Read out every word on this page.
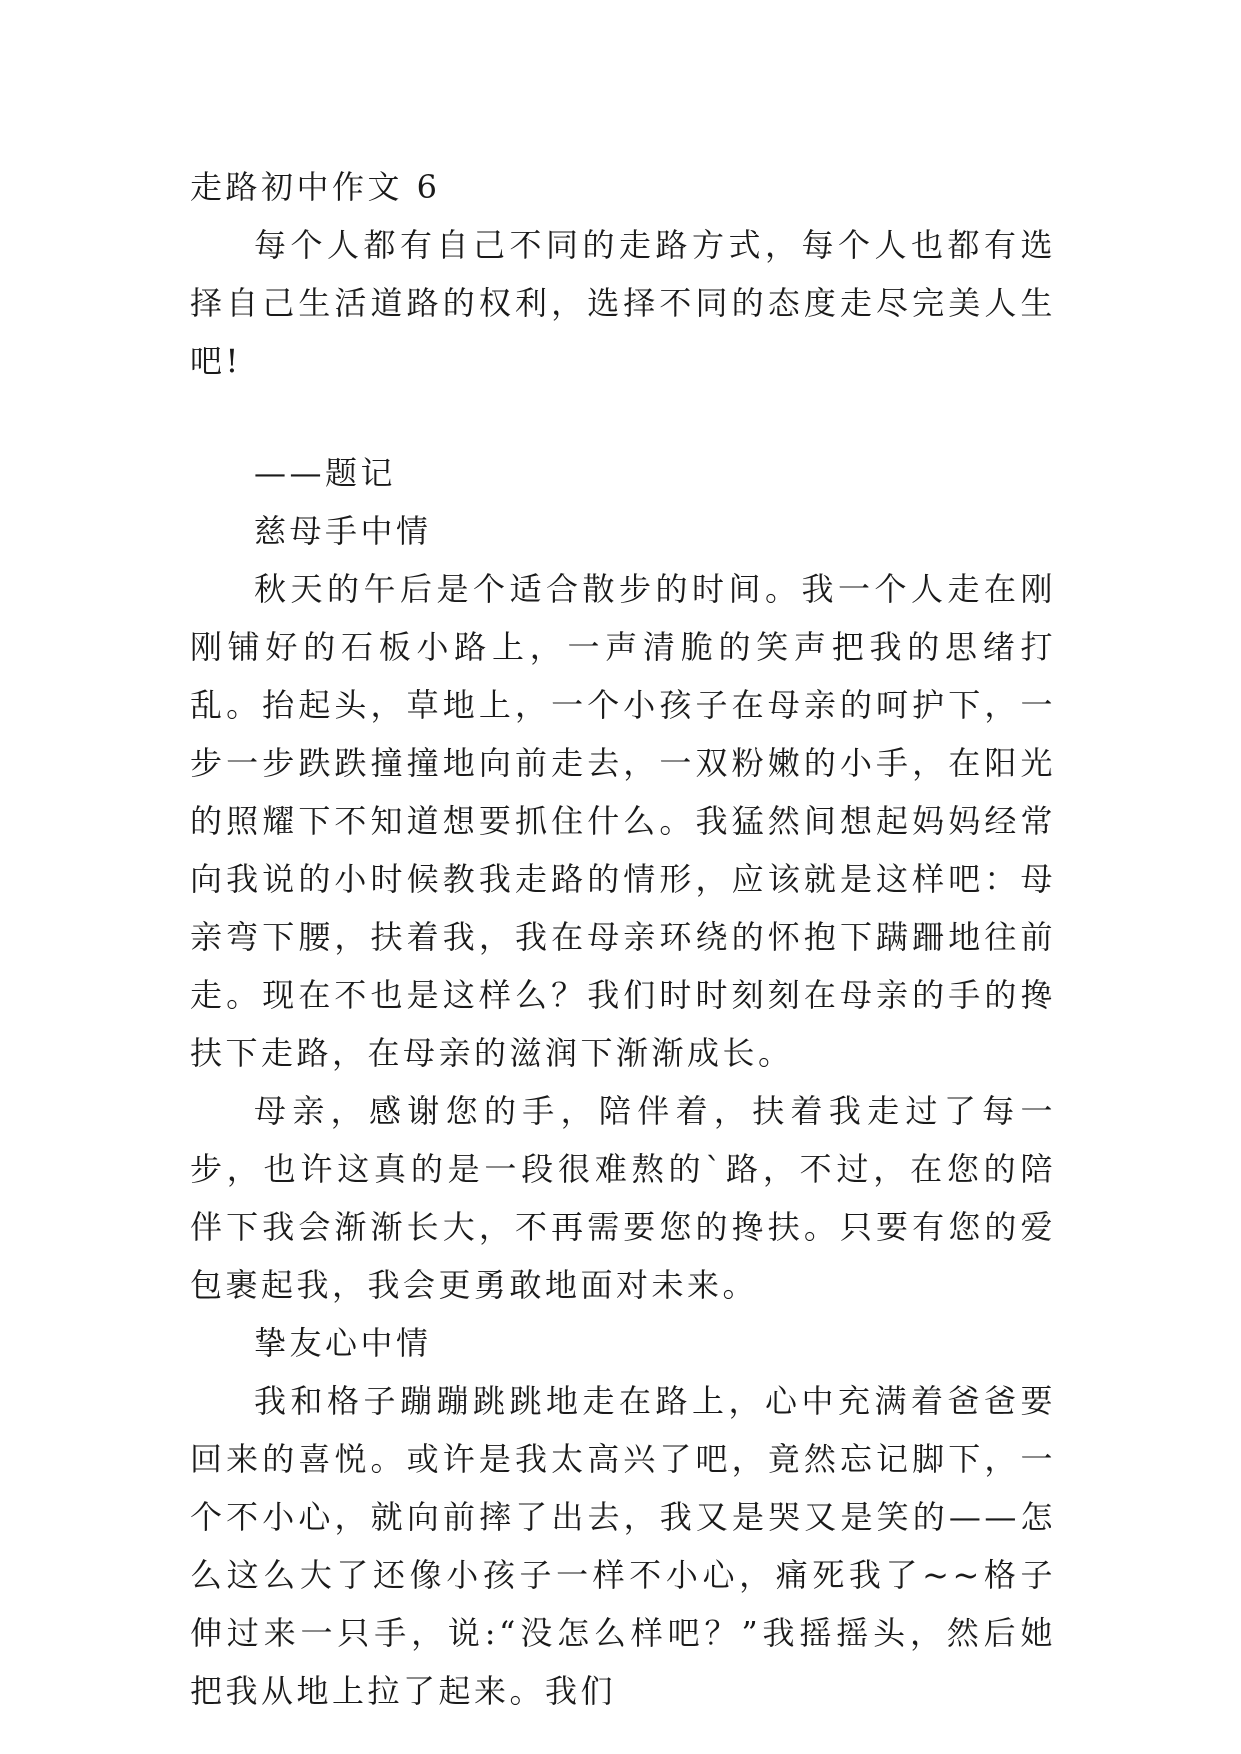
走路初中作文 6

每个人都有自己不同的走路方式，每个人也都有选择自己生活道路的权利，选择不同的态度走尽完美人生吧!

——题记

慈母手中情

秋天的午后是个适合散步的时间。我一个人走在刚刚铺好的石板小路上，一声清脆的笑声把我的思绪打乱。抬起头，草地上，一个小孩子在母亲的呵护下，一步一步跌跌撞撞地向前走去，一双粉嫩的小手，在阳光的照耀下不知道想要抓住什么。我猛然间想起妈妈经常向我说的小时候教我走路的情形，应该就是这样吧：母亲弯下腰，扶着我，我在母亲环绕的怀抱下蹒跚地往前走。现在不也是这样么？我们时时刻刻在母亲的手的搀扶下走路，在母亲的滋润下渐渐成长。

母亲，感谢您的手，陪伴着，扶着我走过了每一步，也许这真的是一段很难熬的`路，不过，在您的陪伴下我会渐渐长大，不再需要您的搀扶。只要有您的爱包裹起我，我会更勇敢地面对未来。

挚友心中情

我和格子蹦蹦跳跳地走在路上，心中充满着爸爸要回来的喜悦。或许是我太高兴了吧，竟然忘记脚下，一个不小心，就向前摔了出去，我又是哭又是笑的——怎么这么大了还像小孩子一样不小心，痛死我了~~格子伸过来一只手，说:“没怎么样吧？”我摇摇头，然后她把我从地上拉了起来。我们
